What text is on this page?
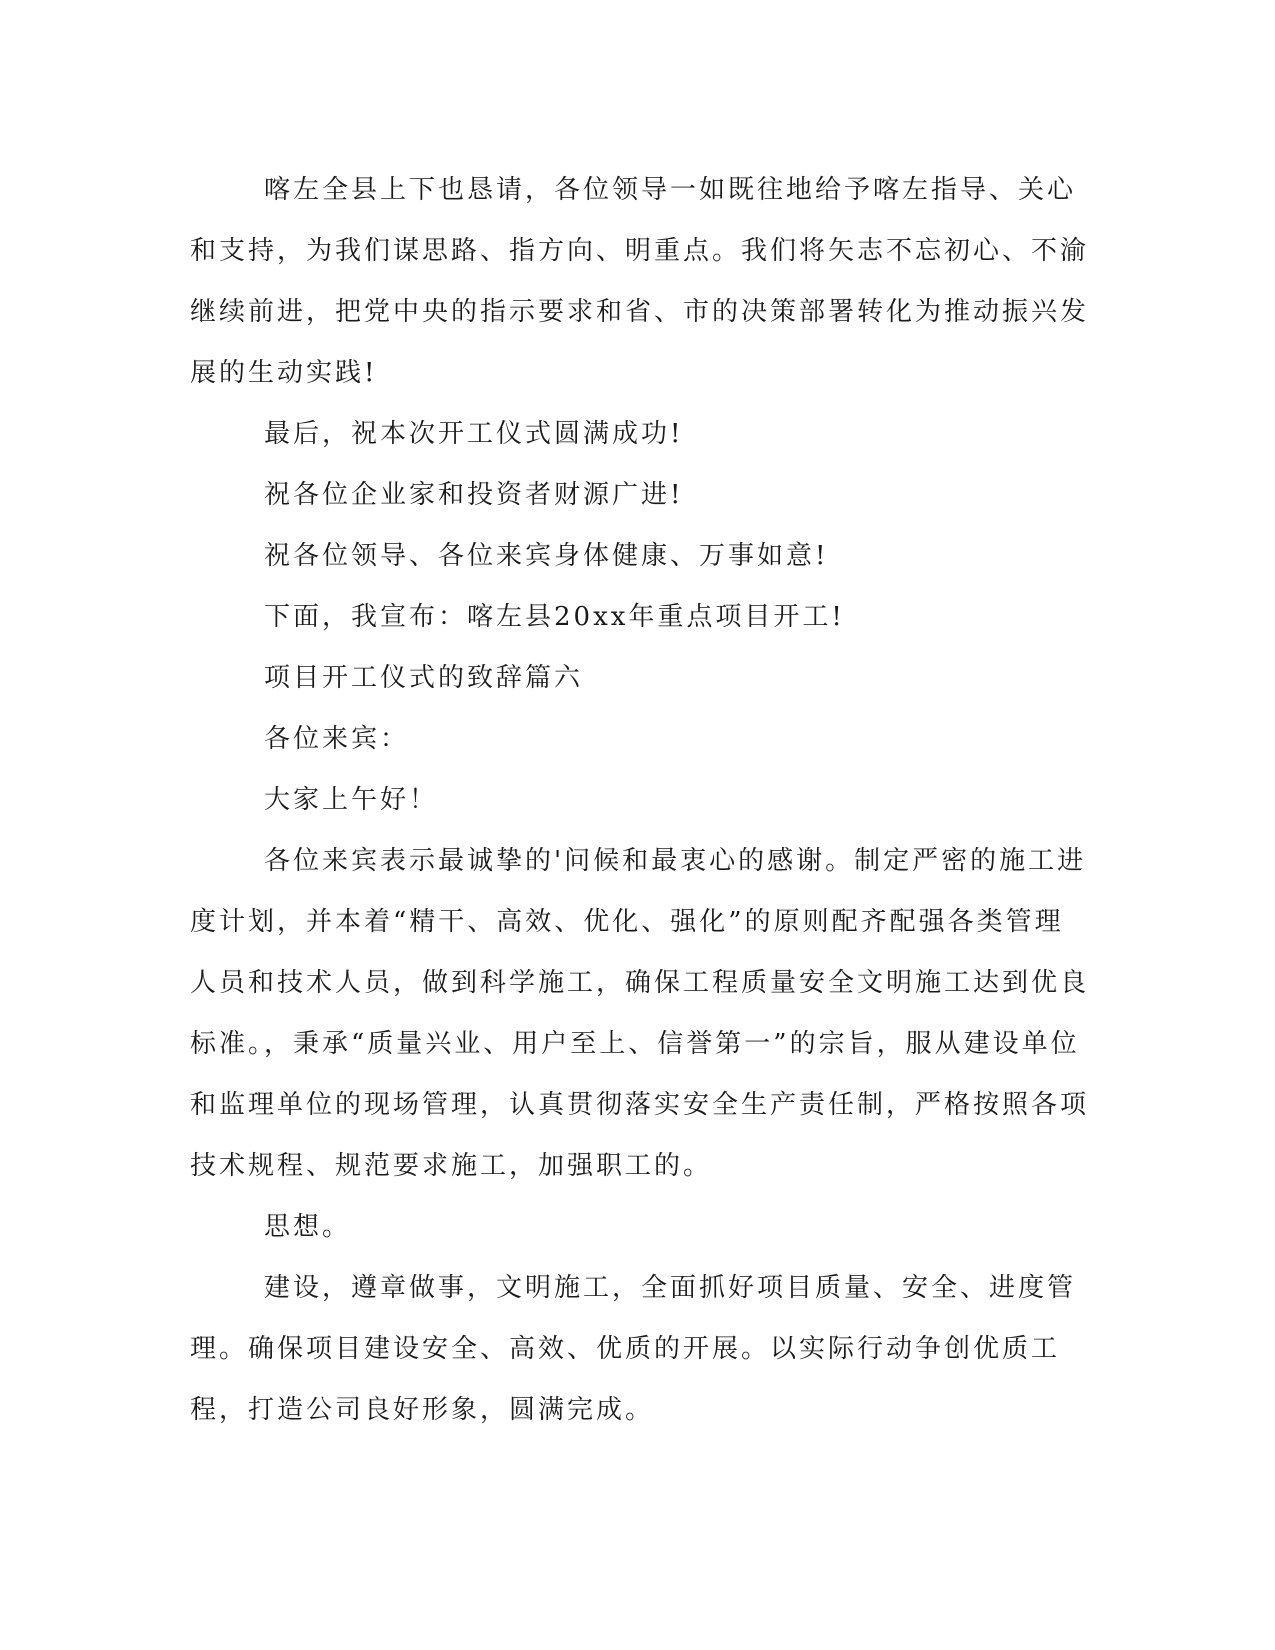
喀左全县上下也恳请，各位领导一如既往地给予喀左指导、关心和支持，为我们谋思路、指方向、明重点。我们将矢志不忘初心、不渝继续前进，把党中央的指示要求和省、市的决策部署转化为推动振兴发展的生动实践!

最后，祝本次开工仪式圆满成功!

祝各位企业家和投资者财源广进!

祝各位领导、各位来宾身体健康、万事如意!

下面，我宣布：喀左县20xx年重点项目开工!

项目开工仪式的致辞篇六

各位来宾：

大家上午好！

各位来宾表示最诚挚的'问候和最衷心的感谢。制定严密的施工进度计划，并本着“精干、高效、优化、强化”的原则配齐配强各类管理人员和技术人员，做到科学施工，确保工程质量安全文明施工达到优良标准。，秉承“质量兴业、用户至上、信誉第一”的宗旨，服从建设单位和监理单位的现场管理，认真贯彻落实安全生产责任制，严格按照各项技术规程、规范要求施工，加强职工的。

思想。

建设，遵章做事，文明施工，全面抓好项目质量、安全、进度管理。确保项目建设安全、高效、优质的开展。以实际行动争创优质工程，打造公司良好形象，圆满完成。
